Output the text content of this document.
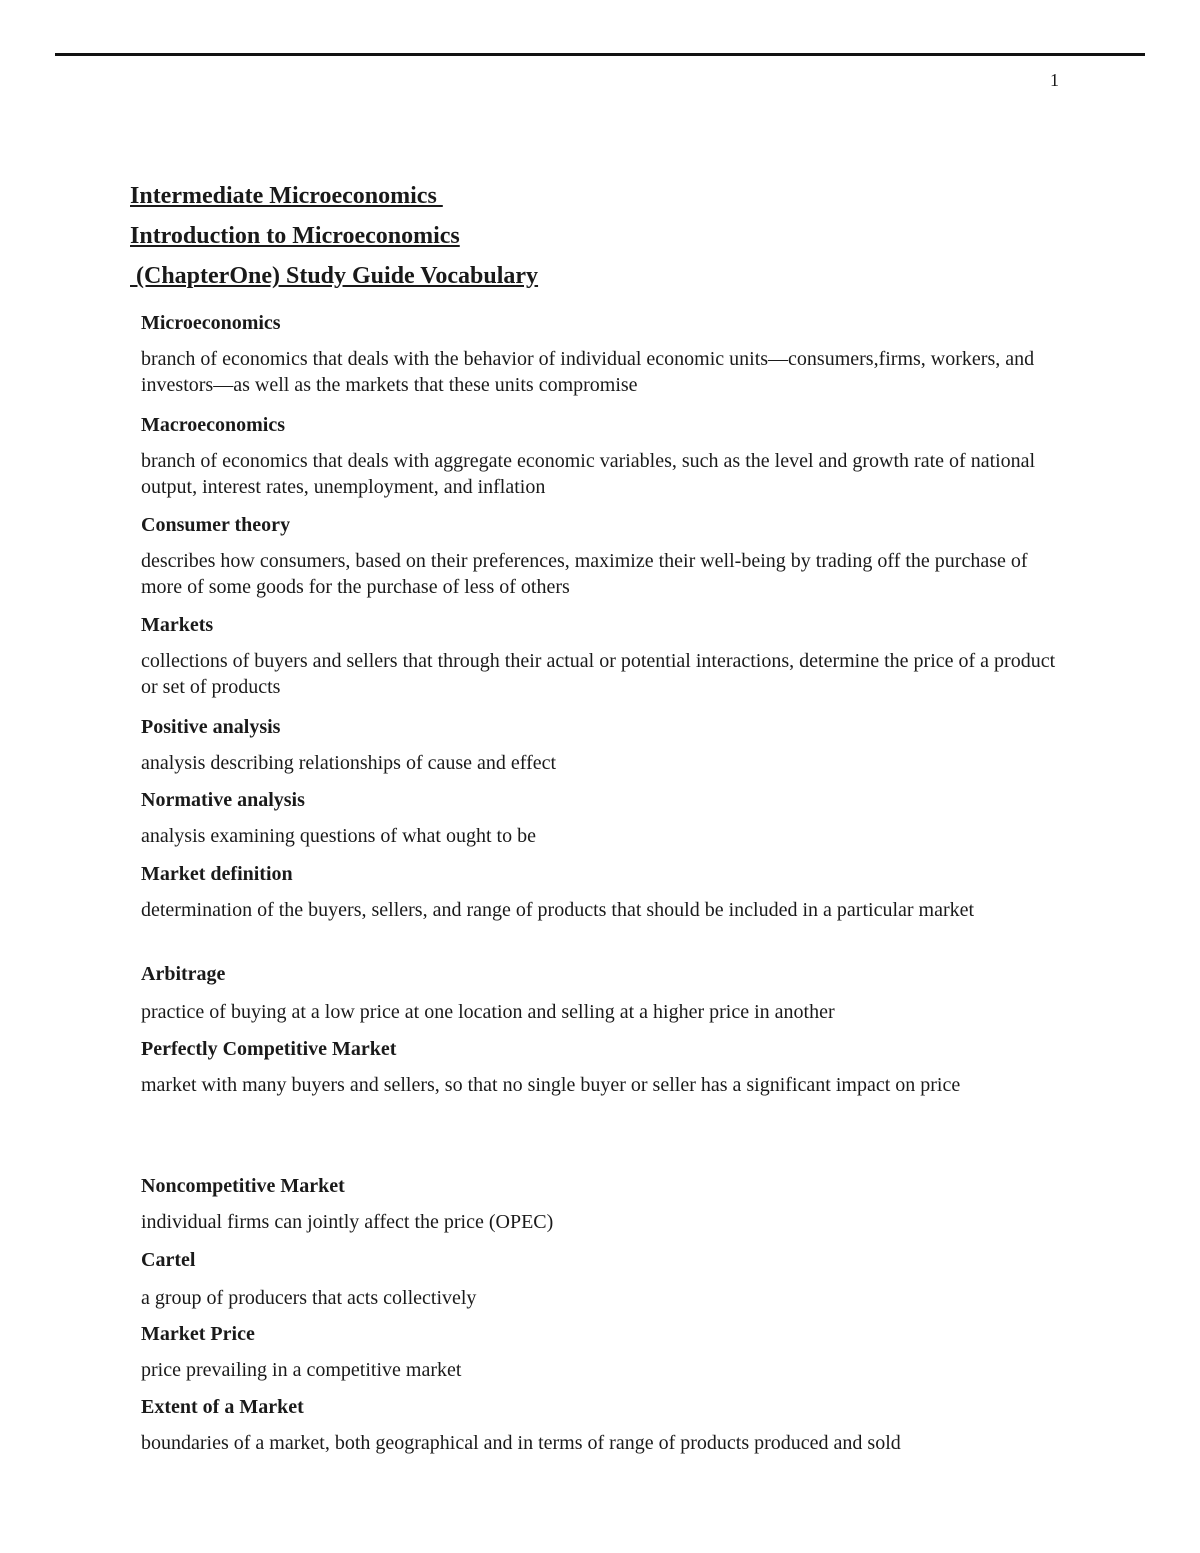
1
Intermediate Microeconomics
Introduction to Microeconomics
(ChapterOne) Study Guide Vocabulary
Microeconomics
branch of economics that deals with the behavior of individual economic units—consumers,firms, workers, and investors—as well as the markets that these units compromise
Macroeconomics
branch of economics that deals with aggregate economic variables, such as the level and growth rate of national output, interest rates, unemployment, and inflation
Consumer theory
describes how consumers, based on their preferences, maximize their well-being by trading off the purchase of more of some goods for the purchase of less of others
Markets
collections of buyers and sellers that through their actual or potential interactions, determine the price of a product or set of products
Positive analysis
analysis describing relationships of cause and effect
Normative analysis
analysis examining questions of what ought to be
Market definition
determination of the buyers, sellers, and range of products that should be included in a particular market
Arbitrage
practice of buying at a low price at one location and selling at a higher price in another
Perfectly Competitive Market
market with many buyers and sellers, so that no single buyer or seller has a significant impact on price
Noncompetitive Market
individual firms can jointly affect the price (OPEC)
Cartel
a group of producers that acts collectively
Market Price
price prevailing in a competitive market
Extent of a Market
boundaries of a market, both geographical and in terms of range of products produced and sold
